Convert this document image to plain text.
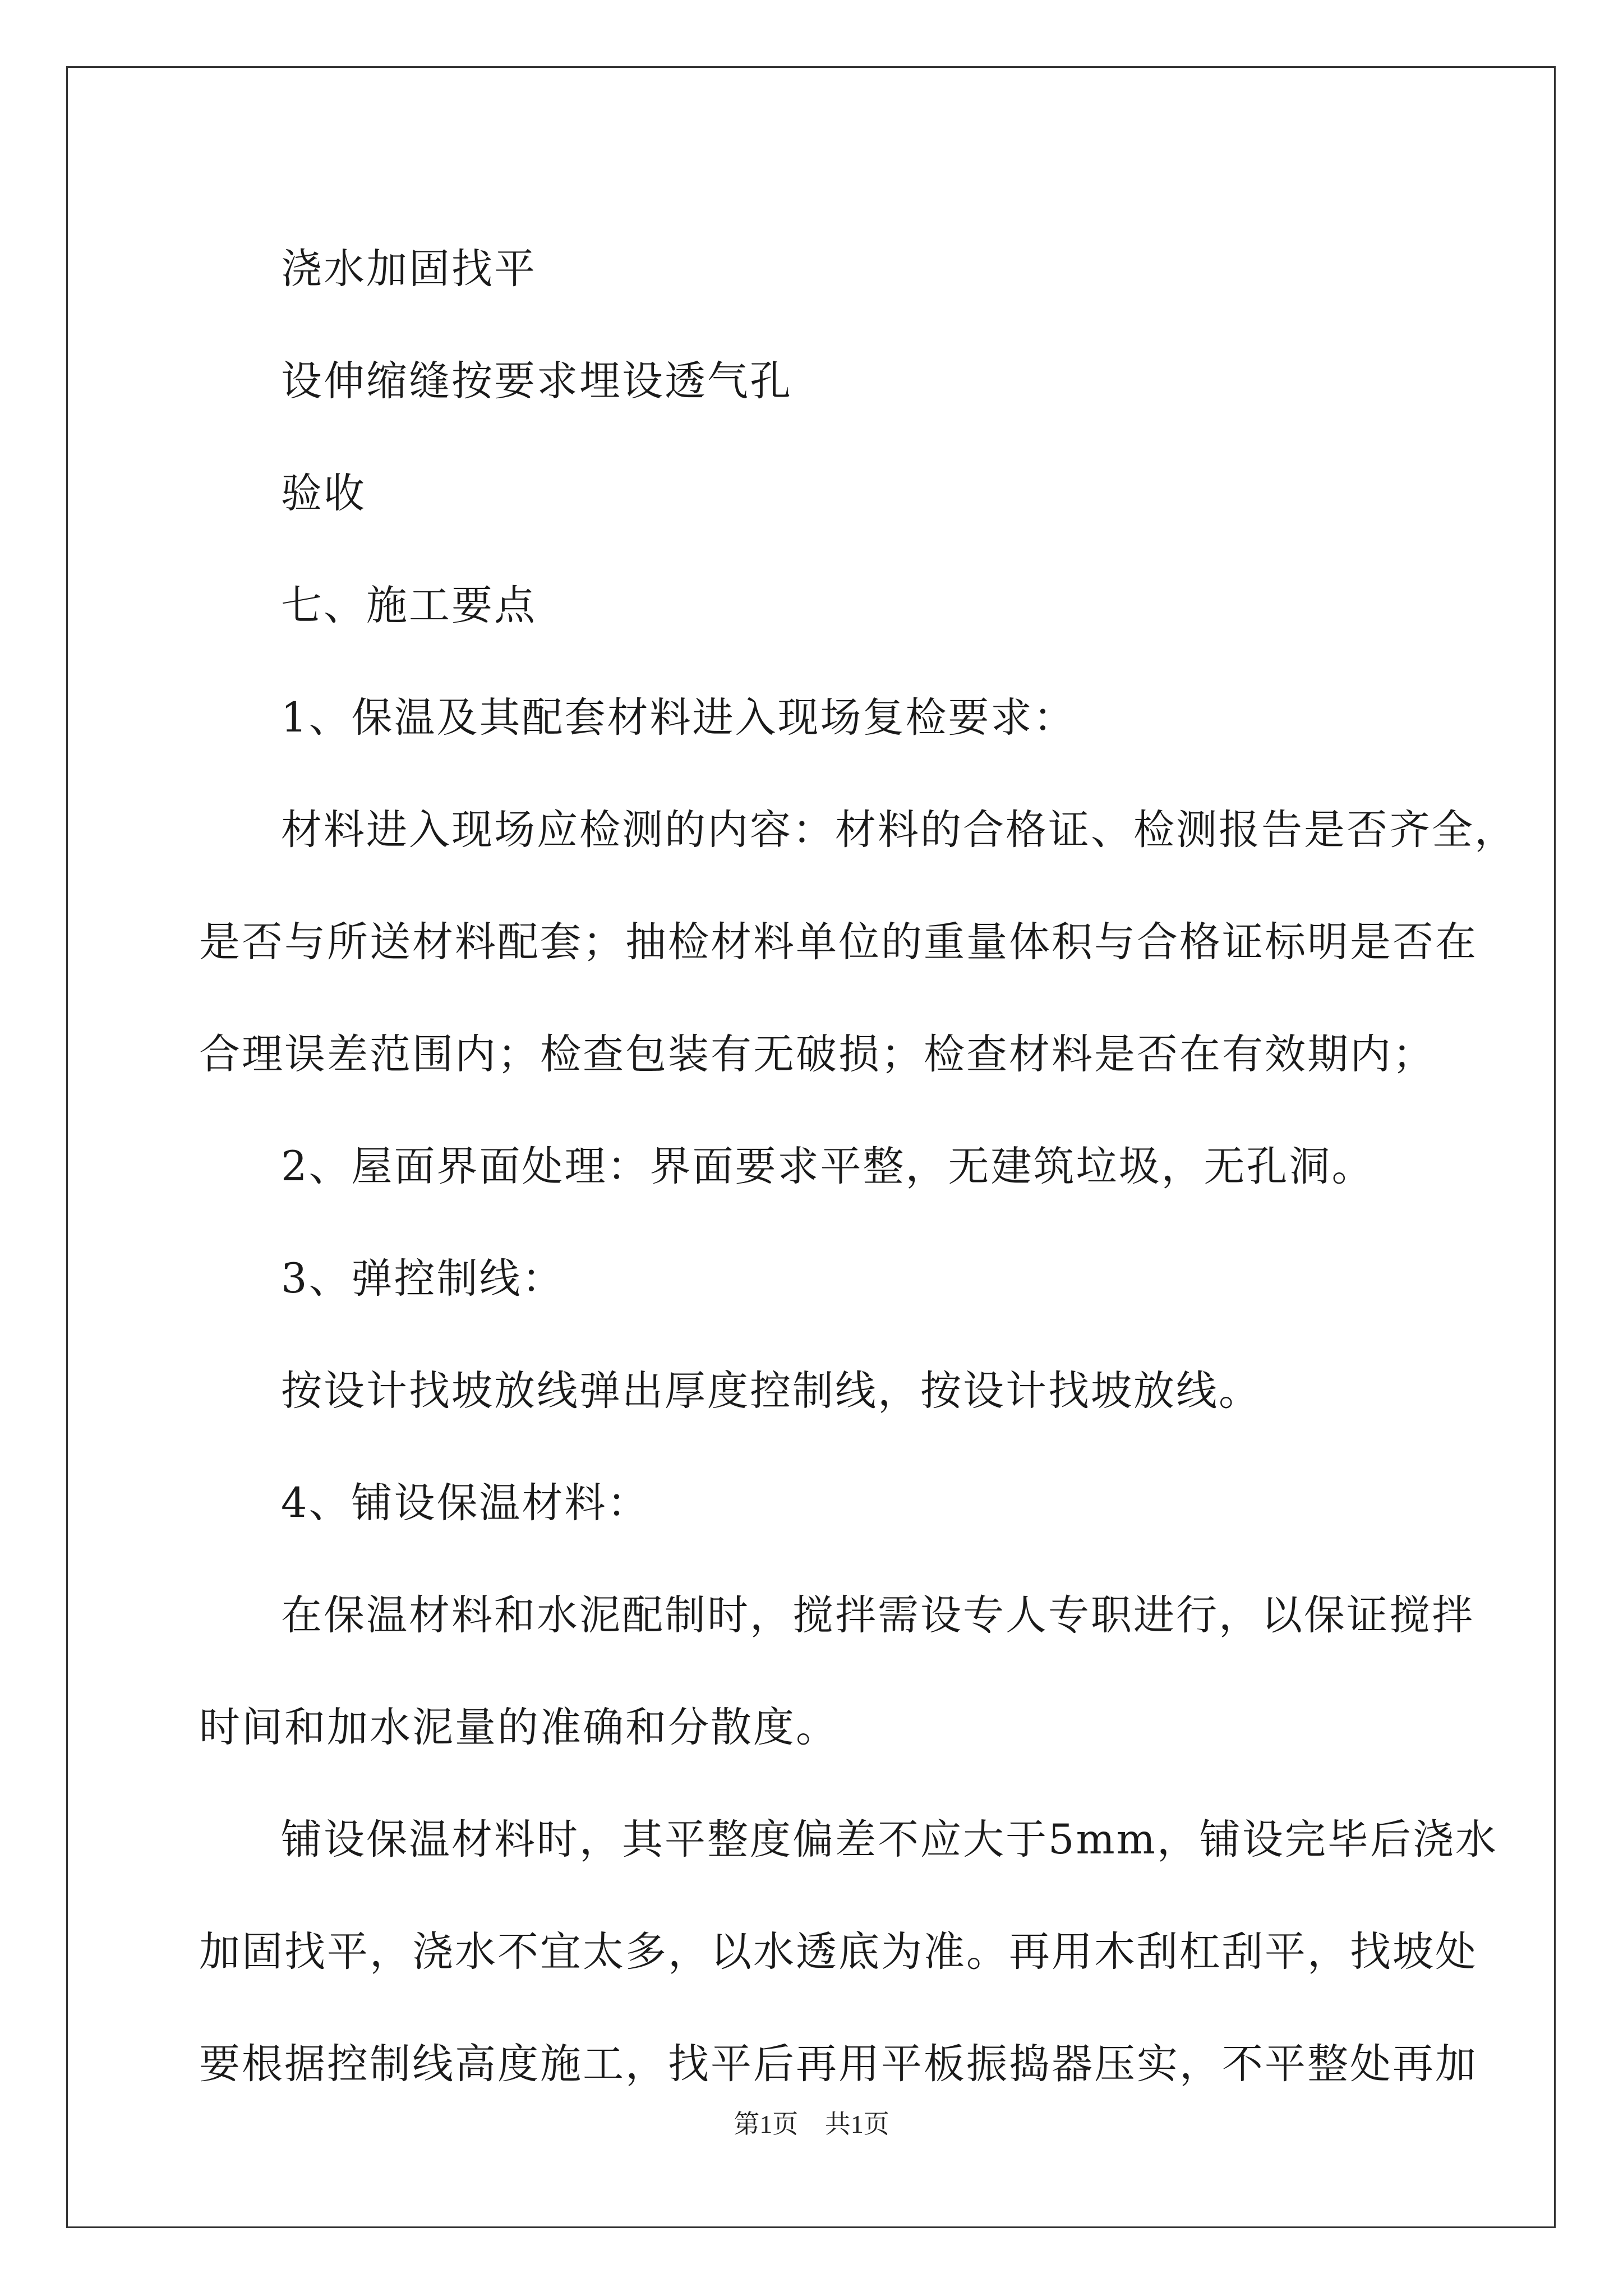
浇水加固找平

设伸缩缝按要求埋设透气孔

验收

七、施工要点

1、保温及其配套材料进入现场复检要求：

材料进入现场应检测的内容：材料的合格证、检测报告是否齐全，

是否与所送材料配套；抽检材料单位的重量体积与合格证标明是否在

合理误差范围内；检查包装有无破损；检查材料是否在有效期内；

2、屋面界面处理：界面要求平整，无建筑垃圾，无孔洞。

3、弹控制线：

按设计找坡放线弹出厚度控制线，按设计找坡放线。

4、铺设保温材料：

在保温材料和水泥配制时，搅拌需设专人专职进行，以保证搅拌

时间和加水泥量的准确和分散度。

铺设保温材料时，其平整度偏差不应大于5mm，铺设完毕后浇水

加固找平，浇水不宜太多，以水透底为准。再用木刮杠刮平，找坡处

要根据控制线高度施工，找平后再用平板振捣器压实，不平整处再加

第1页 共1页
